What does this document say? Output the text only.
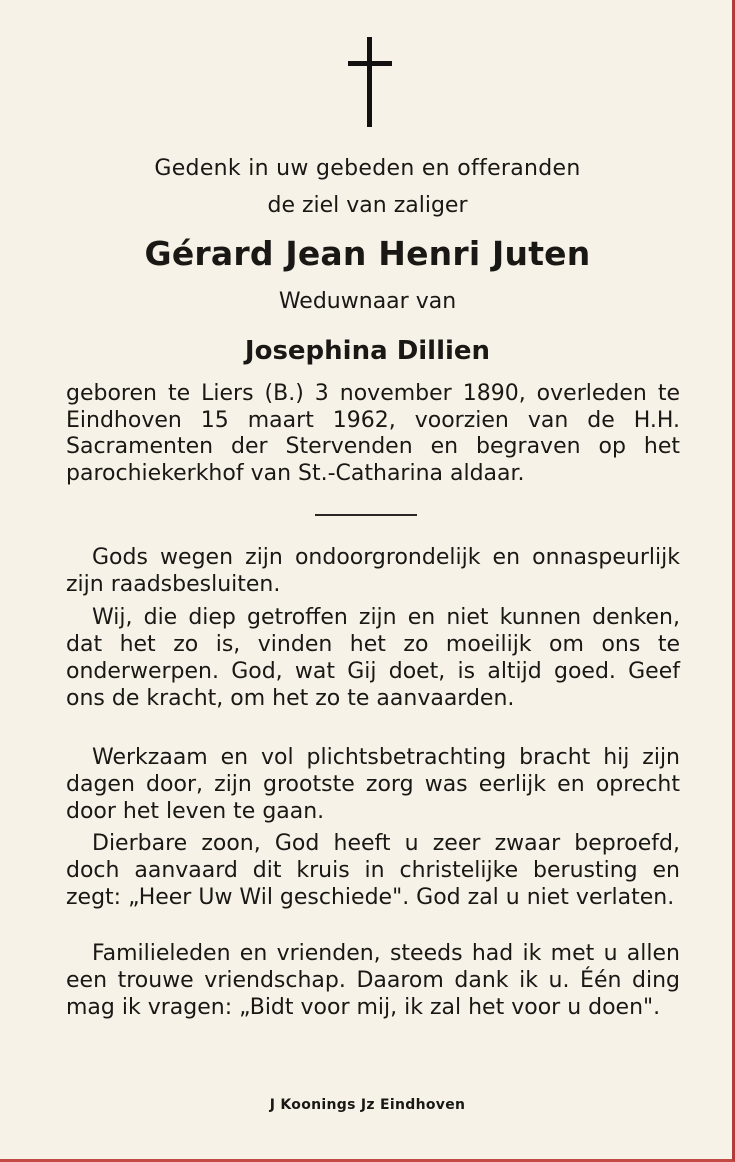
Gedenk in uw gebeden en offeranden
de ziel van zaliger
Gérard Jean Henri Juten
Weduwnaar van
Josephina Dillien

geboren te Liers (B.) 3 november 1890, overleden te Eindhoven 15 maart 1962, voorzien van de H.H. Sacramenten der Stervenden en begraven op het parochiekerkhof van St.-Catharina aldaar.

Gods wegen zijn ondoorgrondelijk en onnaspeurlijk zijn raadsbesluiten.

Wij, die diep getroffen zijn en niet kunnen denken, dat het zo is, vinden het zo moeilijk om ons te onderwerpen. God, wat Gij doet, is altijd goed. Geef ons de kracht, om het zo te aanvaarden.

Werkzaam en vol plichtsbetrachting bracht hij zijn dagen door, zijn grootste zorg was eerlijk en oprecht door het leven te gaan.

Dierbare zoon, God heeft u zeer zwaar beproefd, doch aanvaard dit kruis in christelijke berusting en zegt: „Heer Uw Wil geschiede". God zal u niet verlaten.

Familieleden en vrienden, steeds had ik met u allen een trouwe vriendschap. Daarom dank ik u. Één ding mag ik vragen: „Bidt voor mij, ik zal het voor u doen".

J Koonings Jz Eindhoven
